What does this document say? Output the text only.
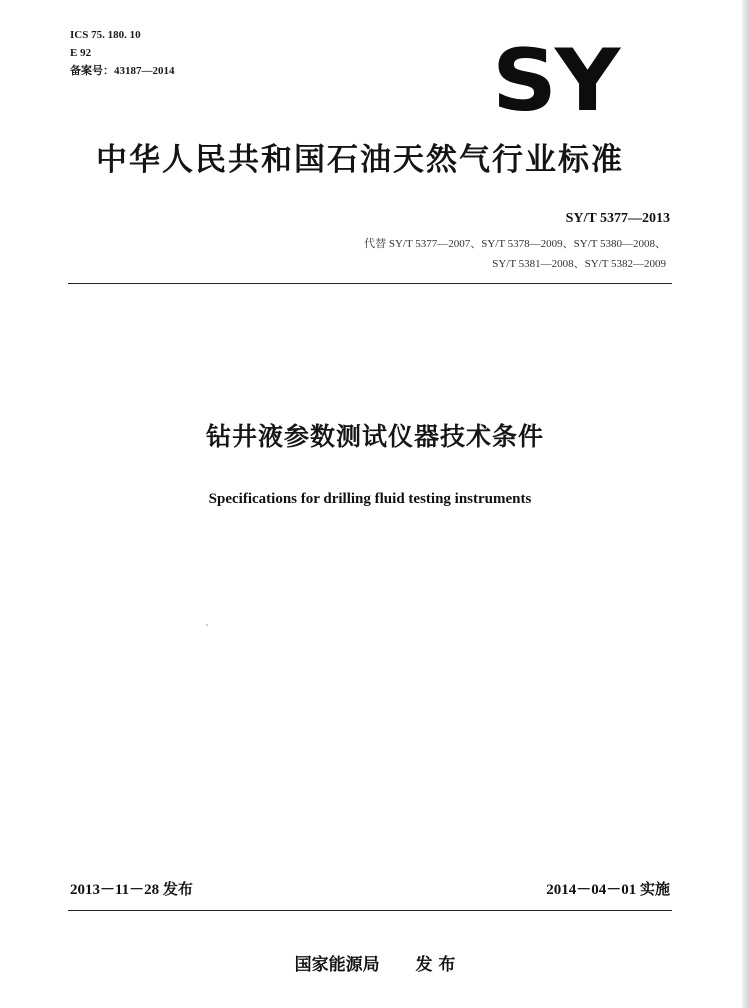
ICS 75. 180. 10
E 92
备案号：43187—2014	SY
中华人民共和国石油天然气行业标准
SY/T 5377—2013
代替 SY/T 5377—2007、SY/T 5378—2009、SY/T 5380—2008、
SY/T 5381—2008、SY/T 5382—2009
钻井液参数测试仪器技术条件
Specifications for drilling fluid testing instruments
2013－11－28 发布	2014－04－01 实施
国家能源局 发 布
